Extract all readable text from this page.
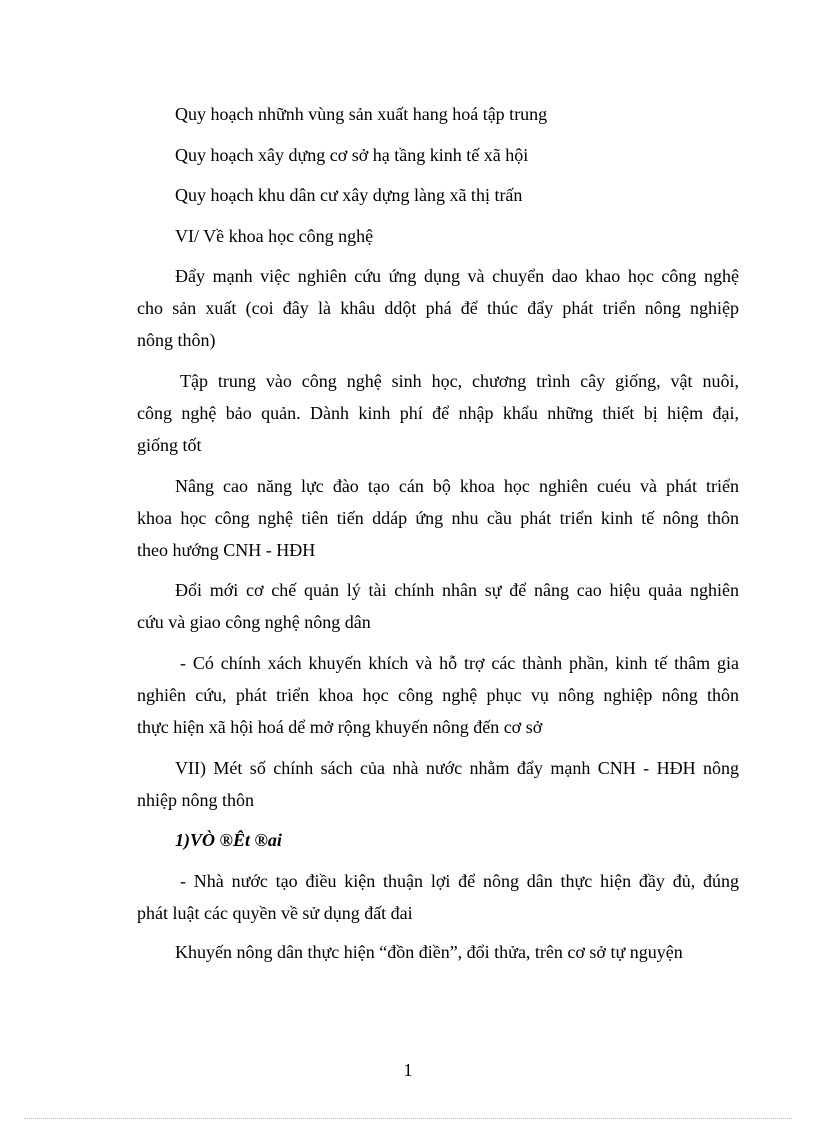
Quy hoạch nhữnh vùng sản xuất hang hoá tập trung
Quy hoạch xây dựng cơ sở hạ tầng kinh tế xã hội
Quy hoạch khu dân cư xây dựng làng xã thị trấn
VI/ Về khoa học công nghệ
Đẩy mạnh việc nghiên cứu ứng dụng và chuyển dao khao học công nghệ
cho sản xuất (coi đây là khâu ddột phá để thúc đẩy phát triển nông nghiệp
nông thôn)
Tập trung vào công nghệ sinh học, chương trình cây giống, vật nuôi,
công nghệ bảo quản. Dành kinh phí để nhập khẩu những thiết bị hiệm đại,
giống tốt
Nâng cao năng lực đào tạo cán bộ khoa học nghiên cuéu và phát triển
khoa học công nghệ tiên tiến ddáp ứng nhu cầu phát triển kinh tế nông thôn
theo hướng CNH - HĐH
Đổi mới cơ chế quản lý tài chính nhân sự để nâng cao hiệu quảa nghiên
cứu và giao công nghệ nông dân
- Có chính xách khuyến khích và hỗ trợ các thành phần, kinh tế thâm gia
nghiên cứu, phát triển khoa học công nghệ phục vụ nông nghiệp nông thôn
thực hiện xã hội hoá dể mở rộng khuyến nông đến cơ sở
VII) Mét số chính sách của nhà nước nhằm đẩy mạnh CNH - HĐH nông
nhiệp nông thôn
1)VÒ ®Êt ®ai
- Nhà nước tạo điều kiện thuận lợi để nông dân thực hiện đầy đủ, đúng
phát luật các quyền về sử dụng đất đai
Khuyến nông dân thực hiện “đồn điền”, đổi thửa, trên cơ sở tự nguyện
1
